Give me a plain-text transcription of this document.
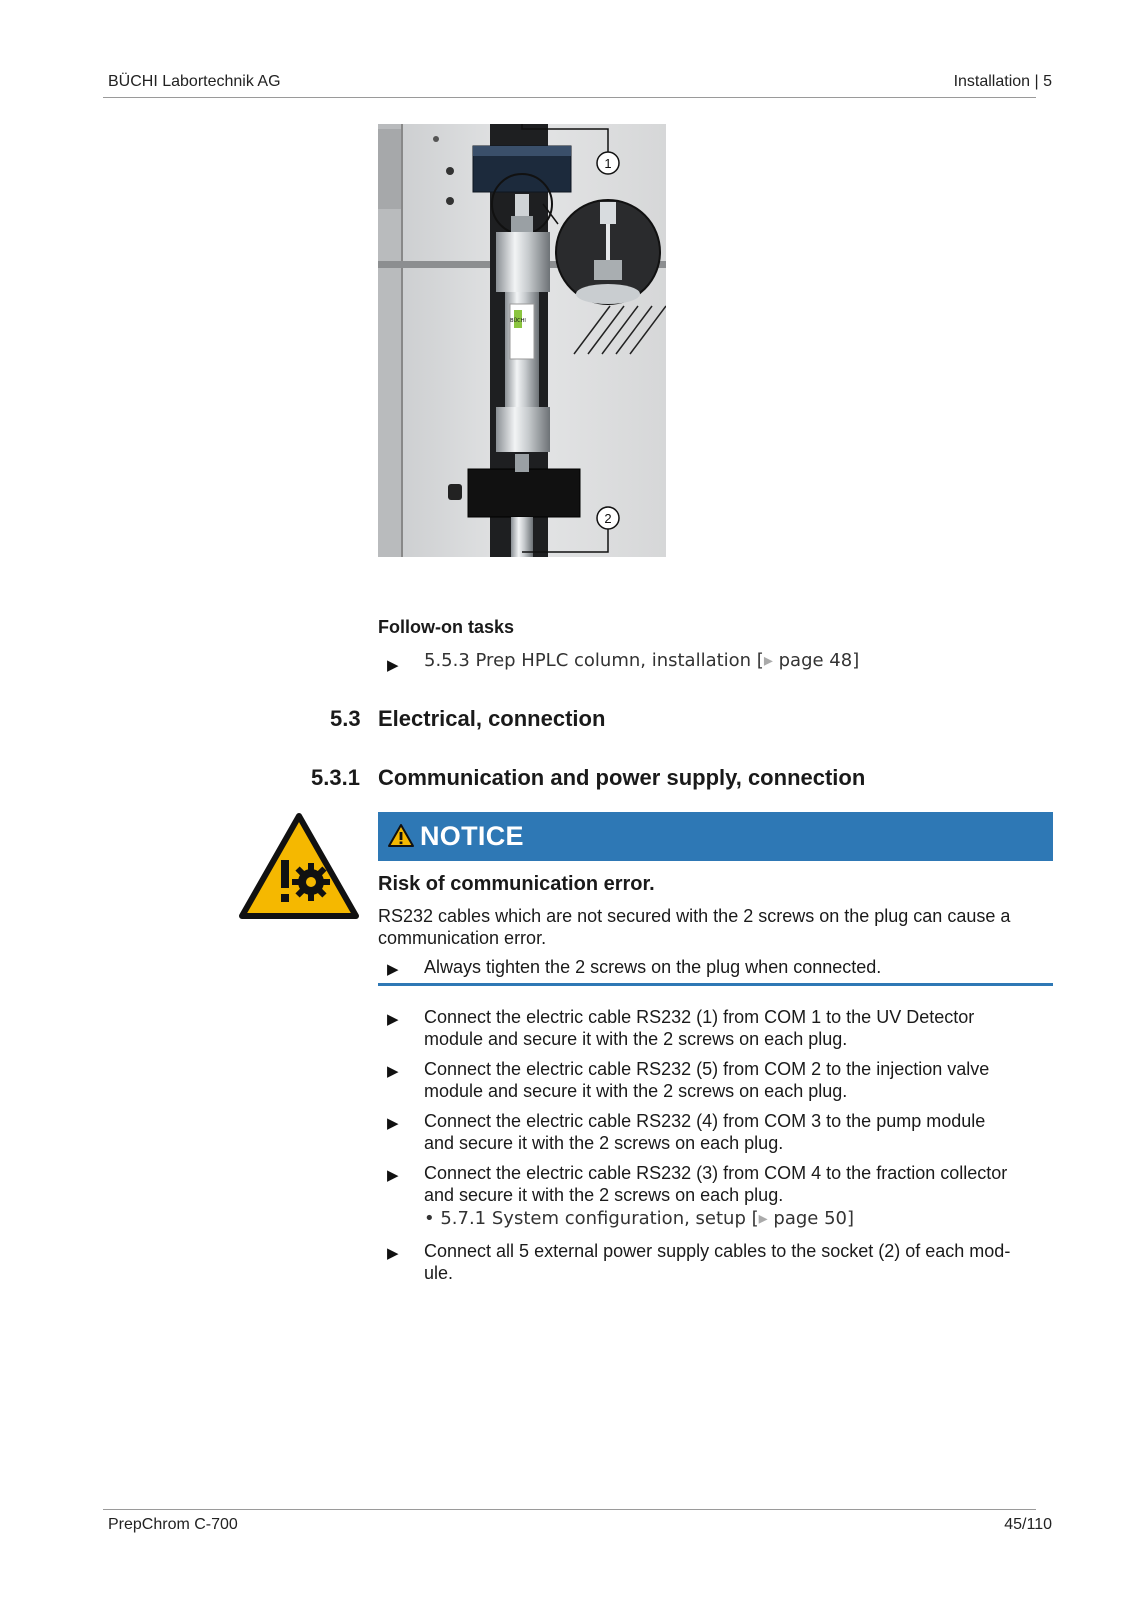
BÜCHI Labortechnik AG	Installation | 5
BÜCHI
1
2
Follow-on tasks
▶ 5.5.3 Prep HPLC column, installation [▸ page 48]
5.3 Electrical, connection
5.3.1 Communication and power supply, connection
NOTICE
Risk of communication error.
RS232 cables which are not secured with the 2 screws on the plug can cause a
communication error.
▶ Always tighten the 2 screws on the plug when connected.
▶ Connect the electric cable RS232 (1) from COM 1 to the UV Detector
module and secure it with the 2 screws on each plug.
▶ Connect the electric cable RS232 (5) from COM 2 to the injection valve
module and secure it with the 2 screws on each plug.
▶ Connect the electric cable RS232 (4) from COM 3 to the pump module
and secure it with the 2 screws on each plug.
▶ Connect the electric cable RS232 (3) from COM 4 to the fraction collector
and secure it with the 2 screws on each plug.
• 5.7.1 System configuration, setup [▸ page 50]
▶ Connect all 5 external power supply cables to the socket (2) of each mod-
ule.
PrepChrom C-700	45/110
